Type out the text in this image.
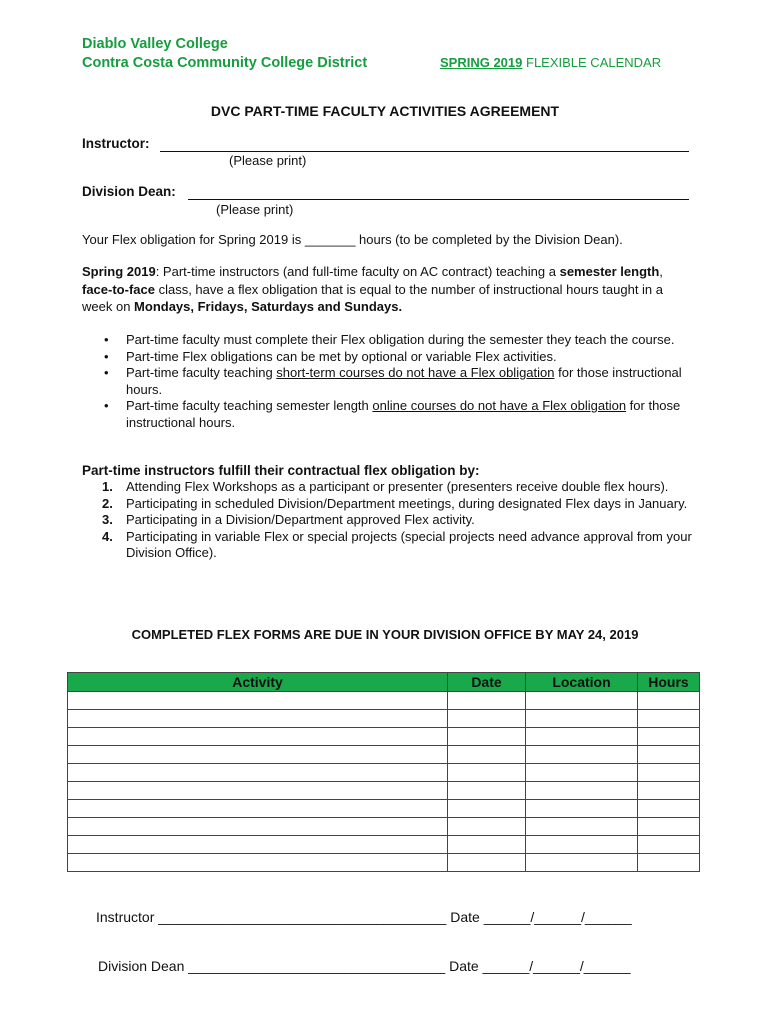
Diablo Valley College
Contra Costa Community College District	SPRING 2019 FLEXIBLE CALENDAR
DVC PART-TIME FACULTY ACTIVITIES AGREEMENT
Instructor:
(Please print)
Division Dean:
(Please print)
Your Flex obligation for Spring 2019 is _______ hours (to be completed by the Division Dean).
Spring 2019: Part-time instructors (and full-time faculty on AC contract) teaching a semester length, face-to-face class, have a flex obligation that is equal to the number of instructional hours taught in a week on Mondays, Fridays, Saturdays and Sundays.
• Part-time faculty must complete their Flex obligation during the semester they teach the course.
• Part-time Flex obligations can be met by optional or variable Flex activities.
• Part-time faculty teaching short-term courses do not have a Flex obligation for those instructional hours.
• Part-time faculty teaching semester length online courses do not have a Flex obligation for those instructional hours.
Part-time instructors fulfill their contractual flex obligation by:
1. Attending Flex Workshops as a participant or presenter (presenters receive double flex hours).
2. Participating in scheduled Division/Department meetings, during designated Flex days in January.
3. Participating in a Division/Department approved Flex activity.
4. Participating in variable Flex or special projects (special projects need advance approval from your Division Office).
COMPLETED FLEX FORMS ARE DUE IN YOUR DIVISION OFFICE BY MAY 24, 2019
Activity	Date	Location	Hours

Instructor _____________________________________ Date ______/______/______
Division Dean _________________________________ Date ______/______/______
